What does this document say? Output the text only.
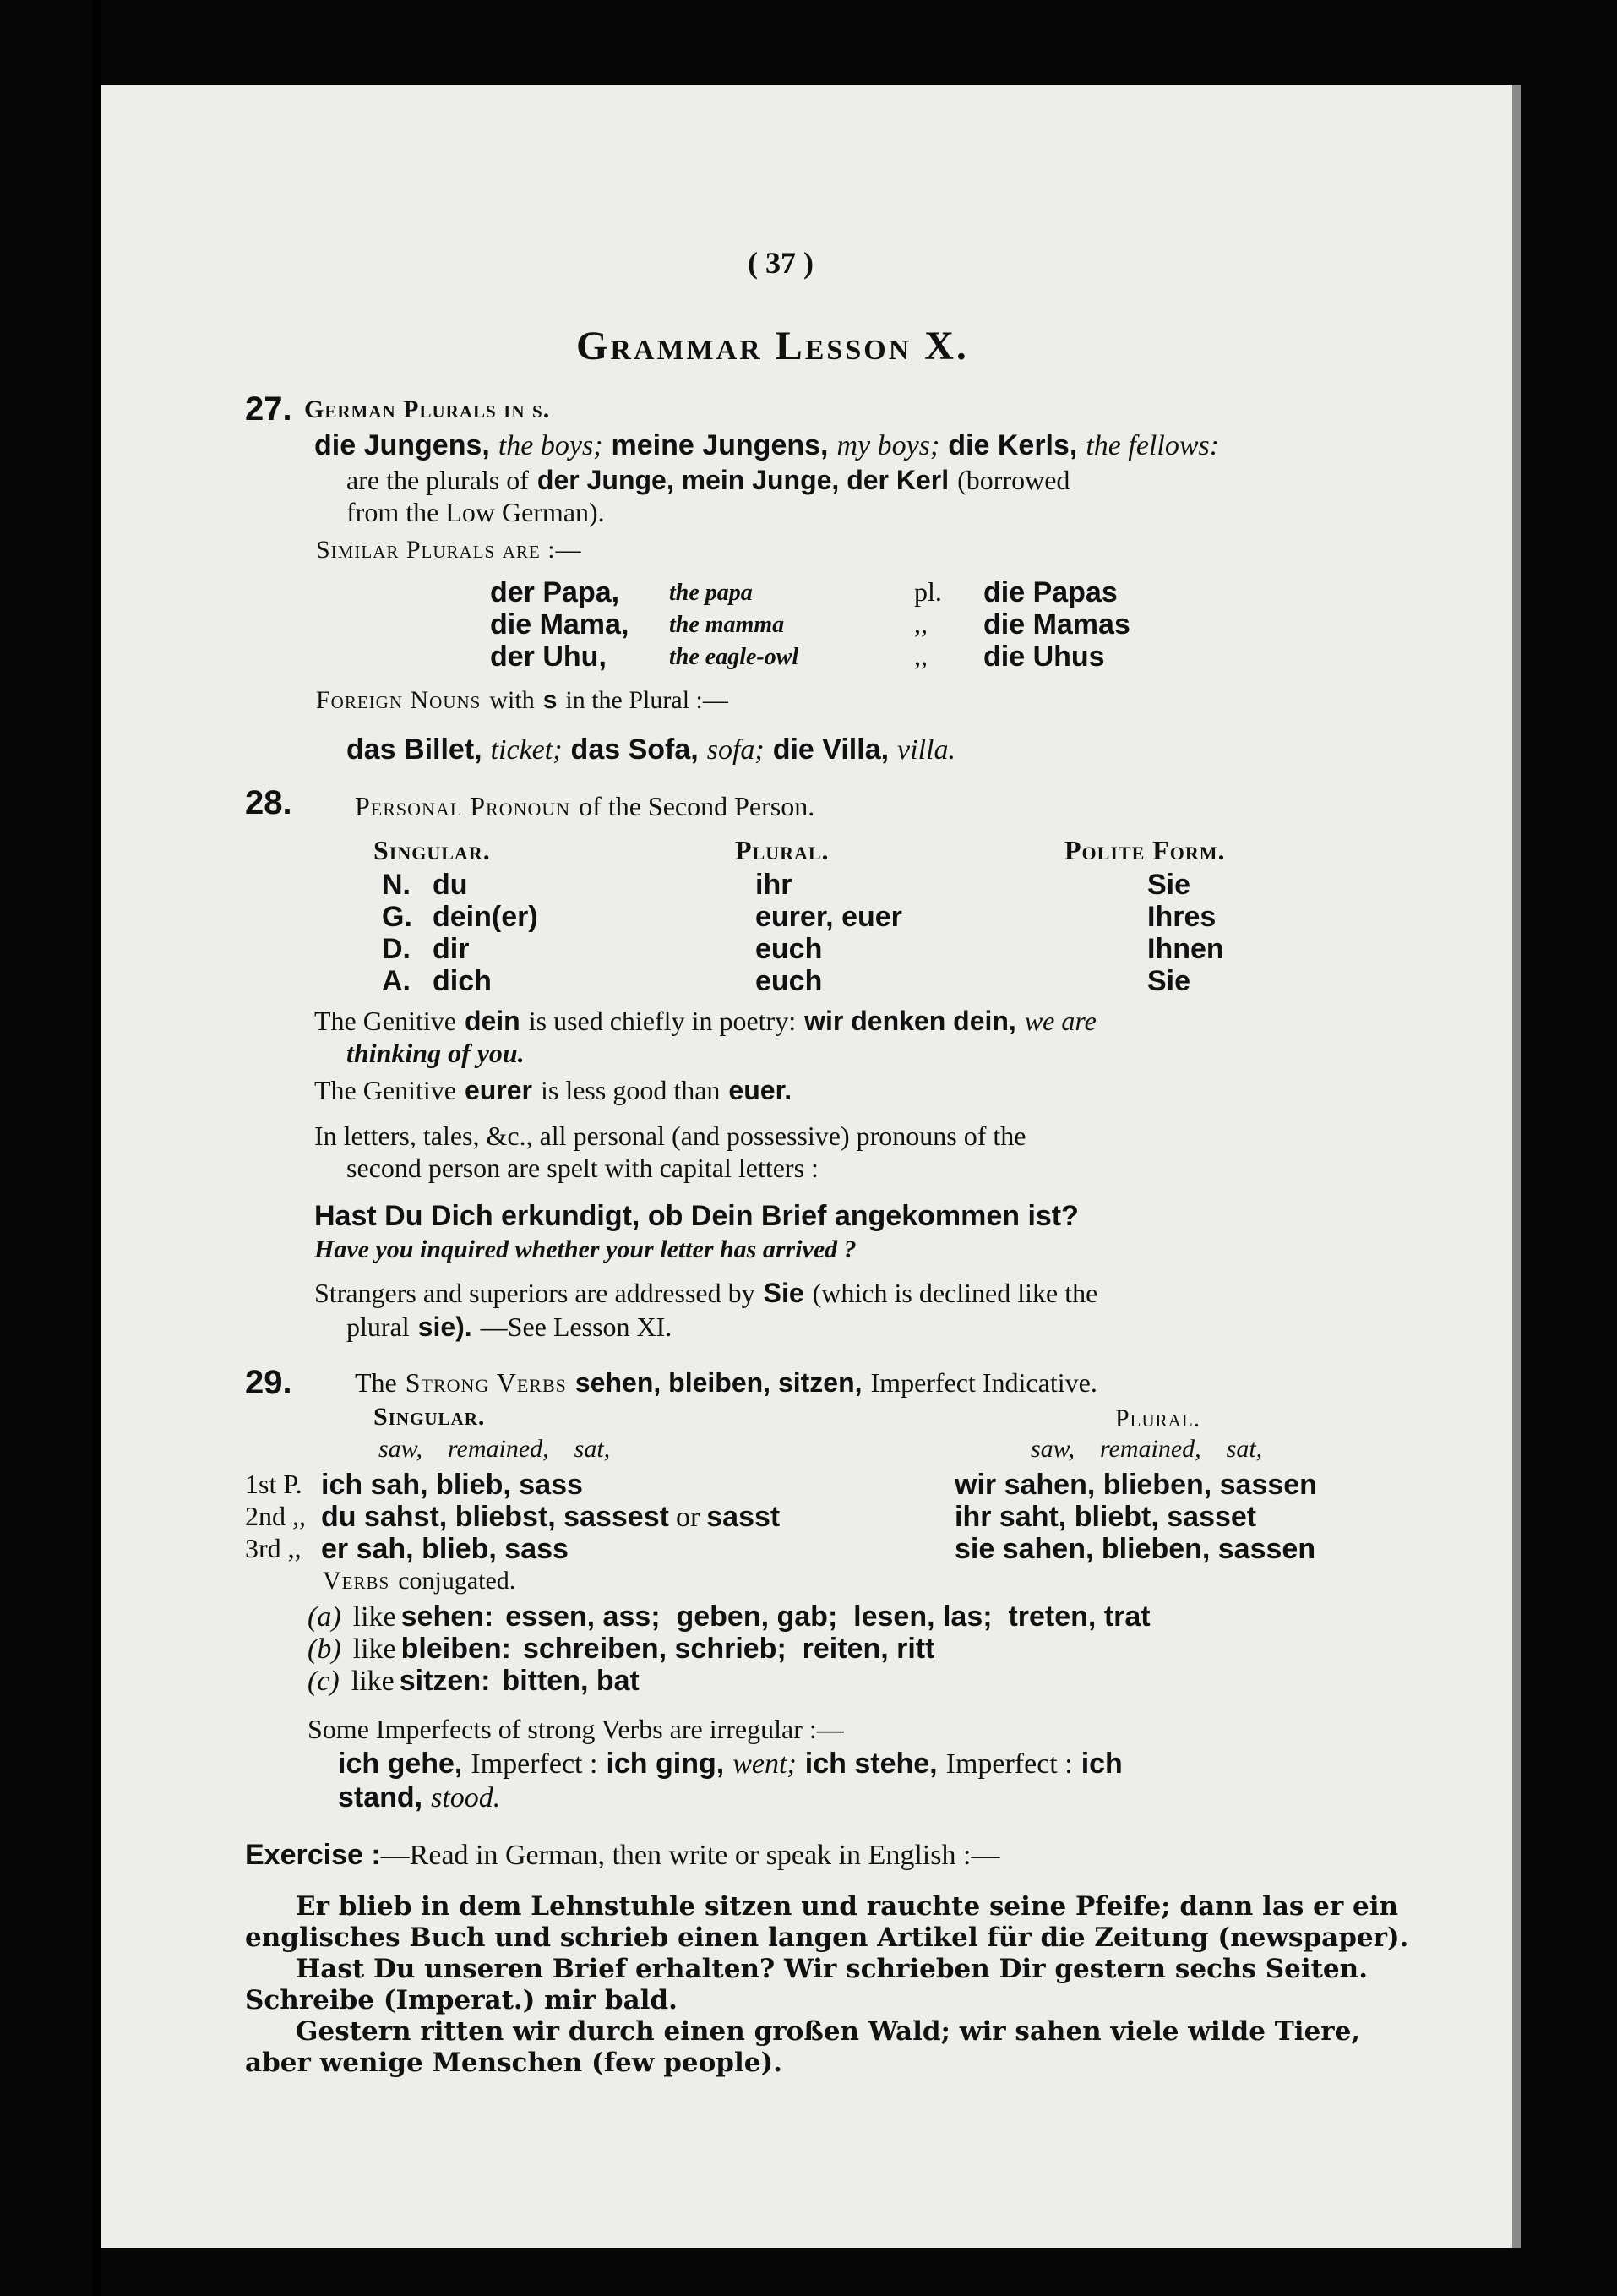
( 37 )
Grammar Lesson X.
27. German Plurals in s.
die Jungens, the boys; meine Jungens, my boys; die Kerls, the fellows:
are the plurals of der Junge, mein Junge, der Kerl (borrowed
from the Low German).
Similar Plurals are :—
der Papa, the papa	pl. die Papas
die Mama, the mamma	,, die Mamas
der Uhu,	the eagle-owl	,, die Uhus
Foreign Nouns with s in the Plural :—
das Billet, ticket; das Sofa, sofa; die Villa, villa.
28. Personal Pronoun of the Second Person.
Singular.	Plural.	Polite Form.
N. du	ihr	Sie
G. dein(er)	eurer, euer	Ihres
D. dir	euch	Ihnen
A. dich	euch	Sie
The Genitive dein is used chiefly in poetry: wir denken dein, we are
thinking of you.
The Genitive eurer is less good than euer.
In letters, tales, &c., all personal (and possessive) pronouns of the
second person are spelt with capital letters :
Hast Du Dich erkundigt, ob Dein Brief angekommen ist?
Have you inquired whether your letter has arrived ?
Strangers and superiors are addressed by Sie (which is declined like the
plural sie). —See Lesson XI.
29. The Strong Verbs sehen, bleiben, sitzen, Imperfect Indicative.
Singular.	Plural.
saw,    remained,    sat,	saw,    remained,    sat,
1st P. ich sah, blieb, sass	wir sahen, blieben, sassen
2nd ,, du sahst, bliebst, sassest or sasst	ihr saht, bliebt, sasset
3rd ,, er sah, blieb, sass	sie sahen, blieben, sassen
Verbs conjugated.
(a) like sehen: essen, ass;  geben, gab;  lesen, las;  treten, trat
(b) like bleiben: schreiben, schrieb;  reiten, ritt
(c) like sitzen: bitten, bat
Some Imperfects of strong Verbs are irregular :—
ich gehe, Imperfect : ich ging, went; ich stehe, Imperfect : ich
stand, stood.
Exercise :—Read in German, then write or speak in English :—
Er blieb in dem Lehnstuhle sitzen und rauchte seine Pfeife; dann las er ein
englisches Buch und schrieb einen langen Artikel für die Zeitung (newspaper).
Hast Du unseren Brief erhalten? Wir schrieben Dir gestern sechs Seiten.
Schreibe (Imperat.) mir bald.
Gestern ritten wir durch einen großen Wald; wir sahen viele wilde Tiere,
aber wenige Menschen (few people).
